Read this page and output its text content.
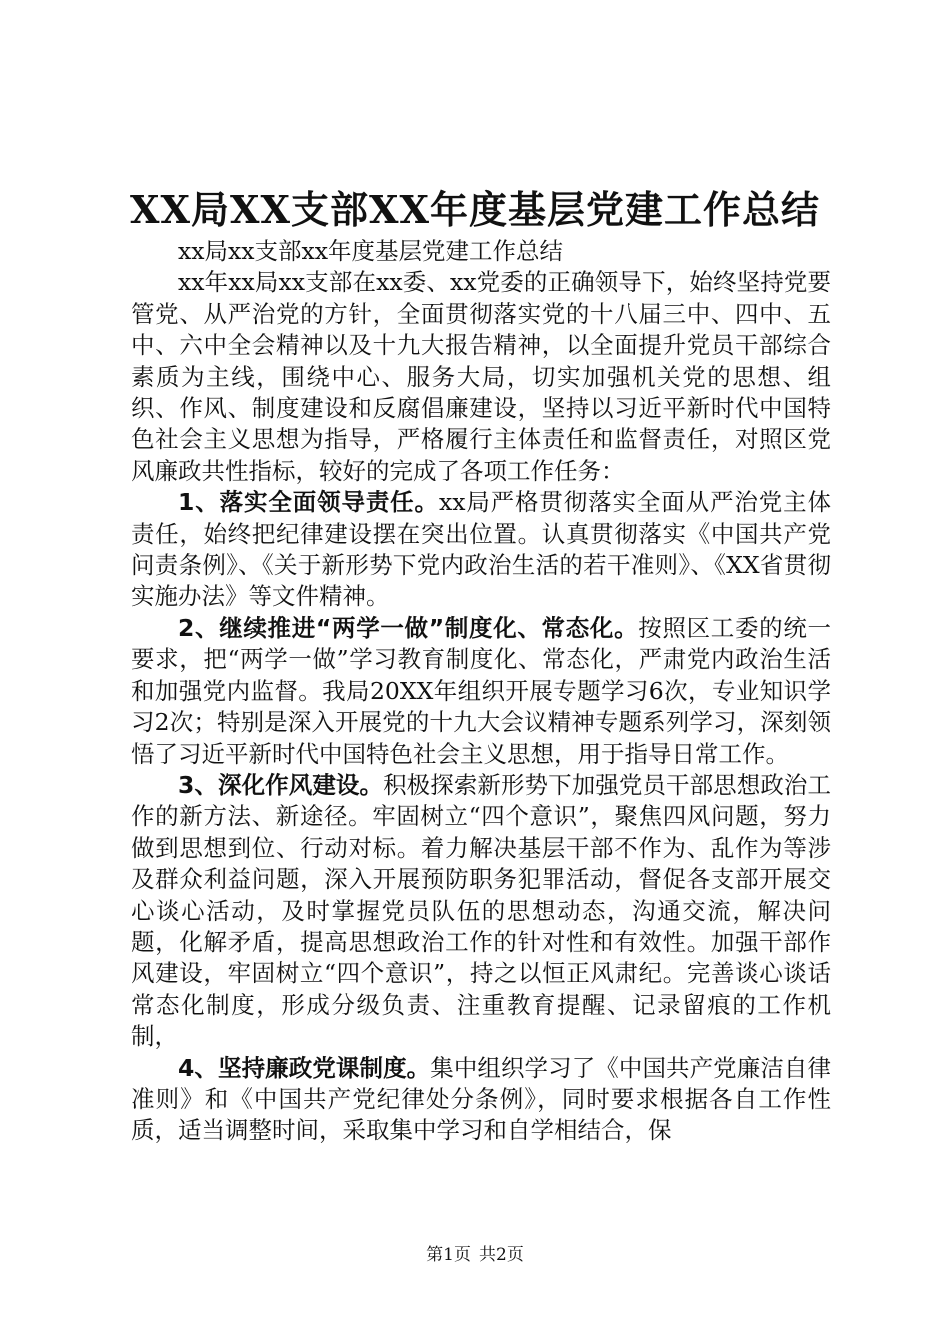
XX局XX支部XX年度基层党建工作总结

xx局xx支部xx年度基层党建工作总结

xx年xx局xx支部在xx委、xx党委的正确领导下，始终坚持党要管党、从严治党的方针，全面贯彻落实党的十八届三中、四中、五中、六中全会精神以及十九大报告精神，以全面提升党员干部综合素质为主线，围绕中心、服务大局，切实加强机关党的思想、组织、作风、制度建设和反腐倡廉建设，坚持以习近平新时代中国特色社会主义思想为指导，严格履行主体责任和监督责任，对照区党风廉政共性指标，较好的完成了各项工作任务：

1、落实全面领导责任。xx局严格贯彻落实全面从严治党主体责任，始终把纪律建设摆在突出位置。认真贯彻落实《中国共产党问责条例》、《关于新形势下党内政治生活的若干准则》、《XX省贯彻实施办法》等文件精神。

2、继续推进“两学一做”制度化、常态化。按照区工委的统一要求，把“两学一做”学习教育制度化、常态化，严肃党内政治生活和加强党内监督。我局20XX年组织开展专题学习6次，专业知识学习2次；特别是深入开展党的十九大会议精神专题系列学习，深刻领悟了习近平新时代中国特色社会主义思想，用于指导日常工作。

3、深化作风建设。积极探索新形势下加强党员干部思想政治工作的新方法、新途径。牢固树立“四个意识”，聚焦四风问题，努力做到思想到位、行动对标。着力解决基层干部不作为、乱作为等涉及群众利益问题，深入开展预防职务犯罪活动，督促各支部开展交心谈心活动，及时掌握党员队伍的思想动态，沟通交流，解决问题，化解矛盾，提高思想政治工作的针对性和有效性。加强干部作风建设，牢固树立“四个意识”，持之以恒正风肃纪。完善谈心谈话常态化制度，形成分级负责、注重教育提醒、记录留痕的工作机制，

4、坚持廉政党课制度。集中组织学习了《中国共产党廉洁自律准则》和《中国共产党纪律处分条例》，同时要求根据各自工作性质，适当调整时间，采取集中学习和自学相结合，保

第1页 共2页
